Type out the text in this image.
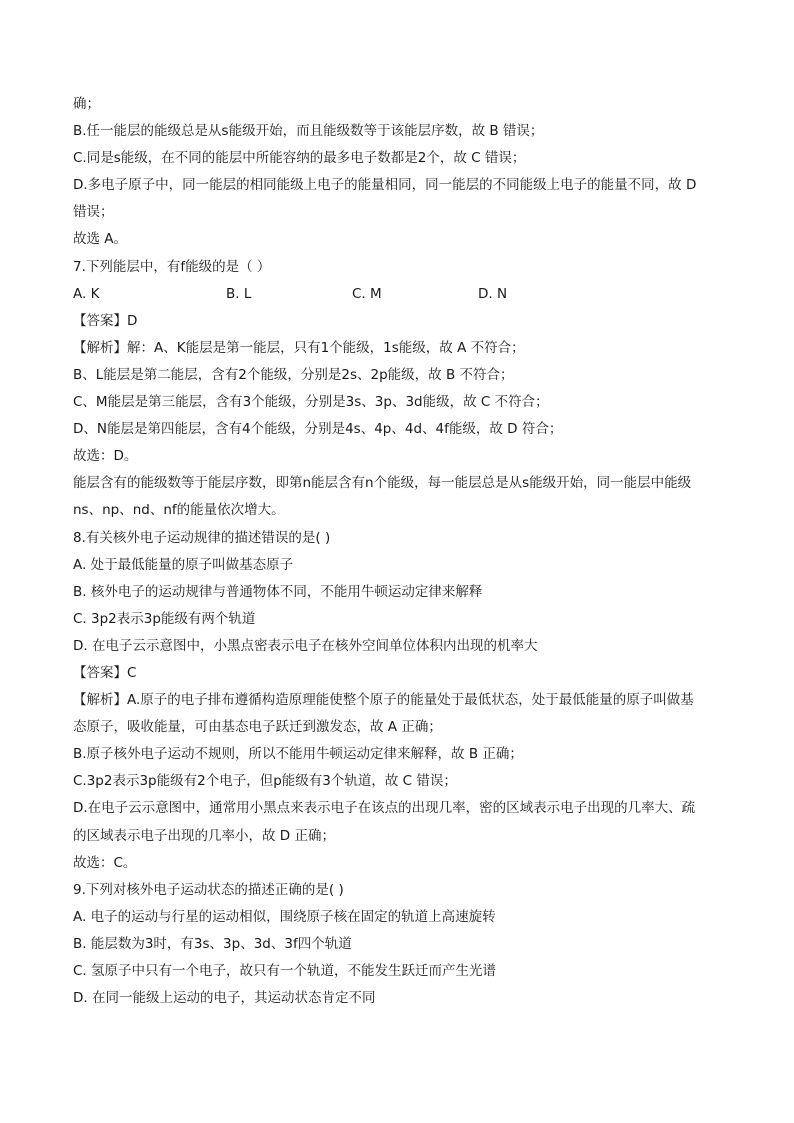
确；
B.任一能层的能级总是从s能级开始，而且能级数等于该能层序数，故 B 错误；
C.同是s能级，在不同的能层中所能容纳的最多电子数都是2个，故 C 错误；
D.多电子原子中，同一能层的相同能级上电子的能量相同，同一能层的不同能级上电子的能量不同，故 D
错误；
故选 A。
7.下列能层中，有f能级的是（ ）
A. K	B. L	C. M	D. N
【答案】D
【解析】解：A、K能层是第一能层，只有1个能级，1s能级，故 A 不符合；
B、L能层是第二能层，含有2个能级，分别是2s、2p能级，故 B 不符合；
C、M能层是第三能层，含有3个能级，分别是3s、3p、3d能级，故 C 不符合；
D、N能层是第四能层，含有4个能级，分别是4s、4p、4d、4f能级，故 D 符合；
故选：D。
能层含有的能级数等于能层序数，即第n能层含有n个能级，每一能层总是从s能级开始，同一能层中能级
ns、np、nd、nf的能量依次增大。
8.有关核外电子运动规律的描述错误的是( )
A. 处于最低能量的原子叫做基态原子
B. 核外电子的运动规律与普通物体不同，不能用牛顿运动定律来解释
C. 3p2表示3p能级有两个轨道
D. 在电子云示意图中，小黑点密表示电子在核外空间单位体积内出现的机率大
【答案】C
【解析】A.原子的电子排布遵循构造原理能使整个原子的能量处于最低状态，处于最低能量的原子叫做基
态原子，吸收能量，可由基态电子跃迁到激发态，故 A 正确；
B.原子核外电子运动不规则，所以不能用牛顿运动定律来解释，故 B 正确；
C.3p2表示3p能级有2个电子，但p能级有3个轨道，故 C 错误；
D.在电子云示意图中，通常用小黑点来表示电子在该点的出现几率，密的区域表示电子出现的几率大、疏
的区域表示电子出现的几率小，故 D 正确；
故选：C。
9.下列对核外电子运动状态的描述正确的是( )
A. 电子的运动与行星的运动相似，围绕原子核在固定的轨道上高速旋转
B. 能层数为3时，有3s、3p、3d、3f四个轨道
C. 氢原子中只有一个电子，故只有一个轨道，不能发生跃迁而产生光谱
D. 在同一能级上运动的电子，其运动状态肯定不同
